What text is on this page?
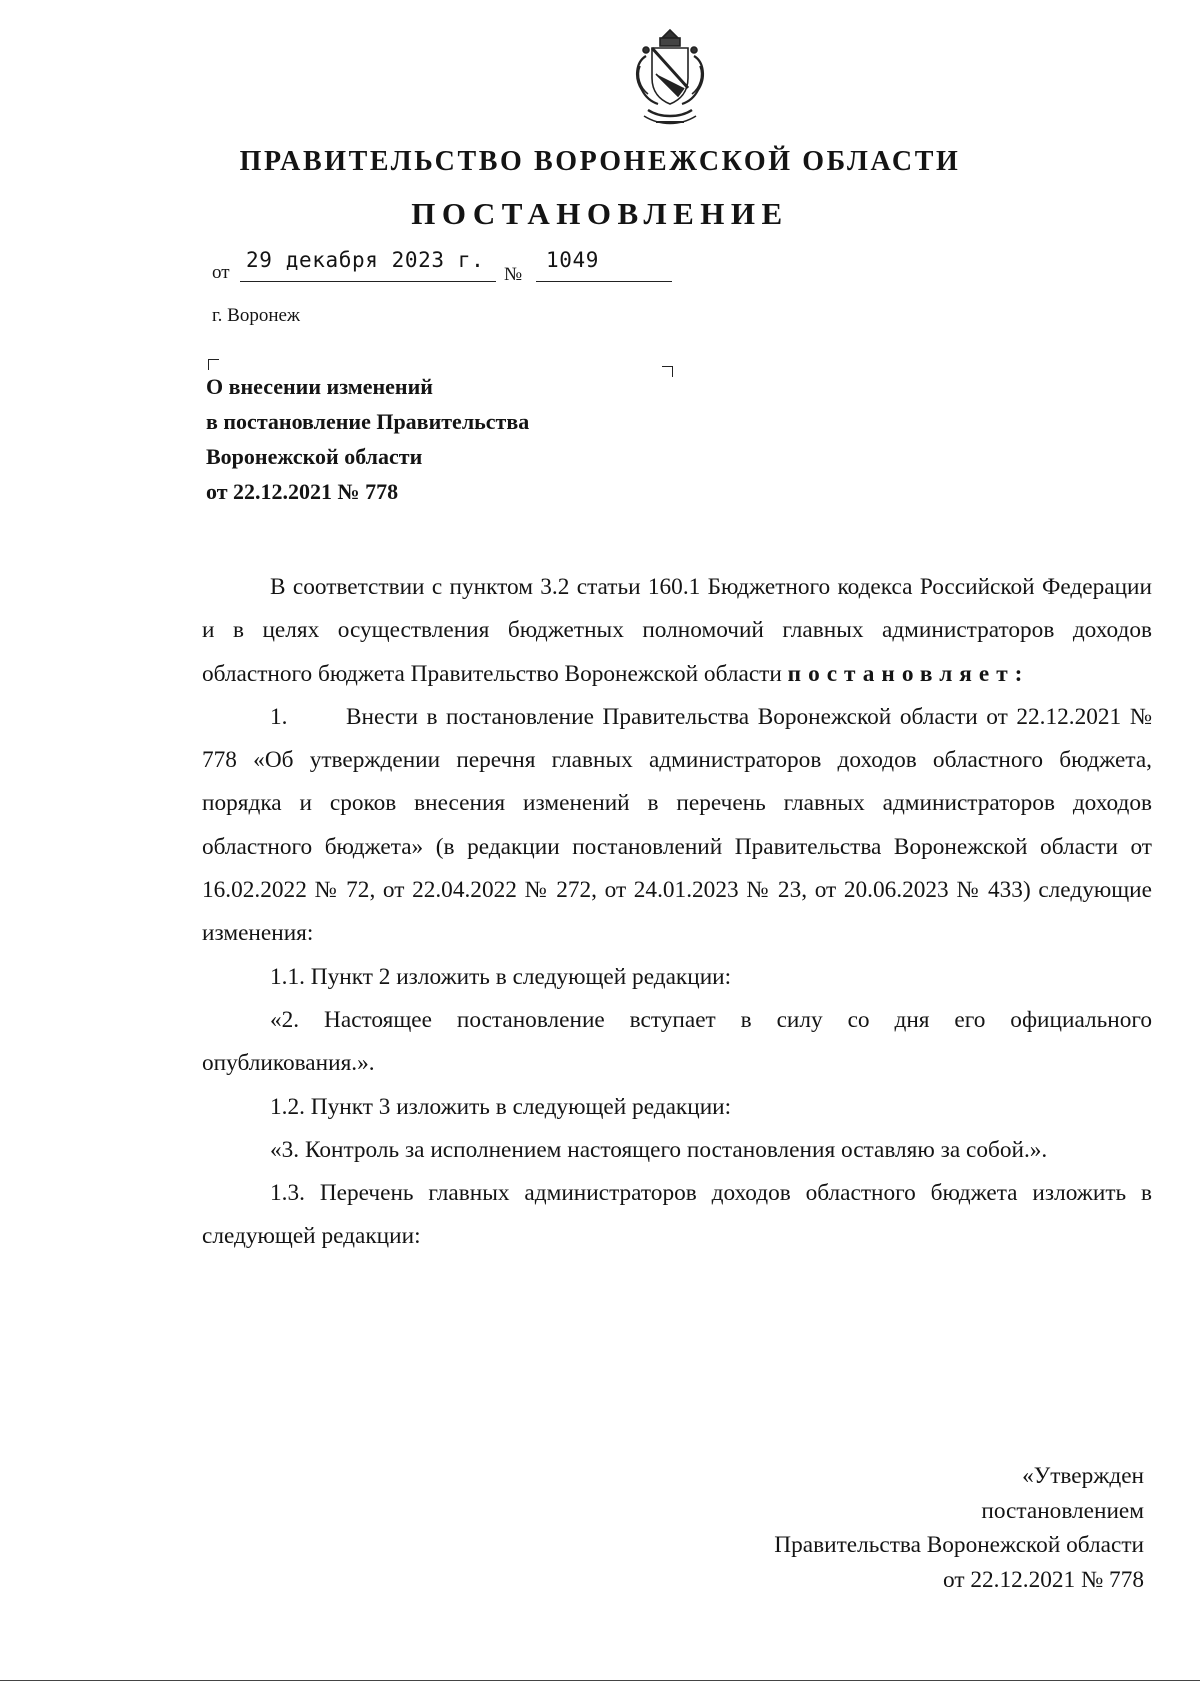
ПРАВИТЕЛЬСТВО ВОРОНЕЖСКОЙ ОБЛАСТИ
ПОСТАНОВЛЕНИЕ
от
29 декабря 2023 г.
№
1049
г. Воронеж
О внесении изменений
в постановление Правительства
Воронежской области
от 22.12.2021 № 778

В соответствии с пунктом 3.2 статьи 160.1 Бюджетного кодекса Российской Федерации и в целях осуществления бюджетных полномочий главных администраторов доходов областного бюджета Правительство Воронежской области постановляет:

1.	Внести в постановление Правительства Воронежской области от 22.12.2021 № 778 «Об утверждении перечня главных администраторов доходов областного бюджета, порядка и сроков внесения изменений в перечень главных администраторов доходов областного бюджета» (в редакции постановлений Правительства Воронежской области от 16.02.2022 № 72, от 22.04.2022 № 272, от 24.01.2023 № 23, от 20.06.2023 № 433) следующие изменения:

1.1. Пункт 2 изложить в следующей редакции:

«2. Настоящее постановление вступает в силу со дня его официального опубликования.».

1.2. Пункт 3 изложить в следующей редакции:

«3. Контроль за исполнением настоящего постановления оставляю за собой.».

1.3. Перечень главных администраторов доходов областного бюджета изложить в следующей редакции:

«Утвержден
постановлением
Правительства Воронежской области
от 22.12.2021 № 778
